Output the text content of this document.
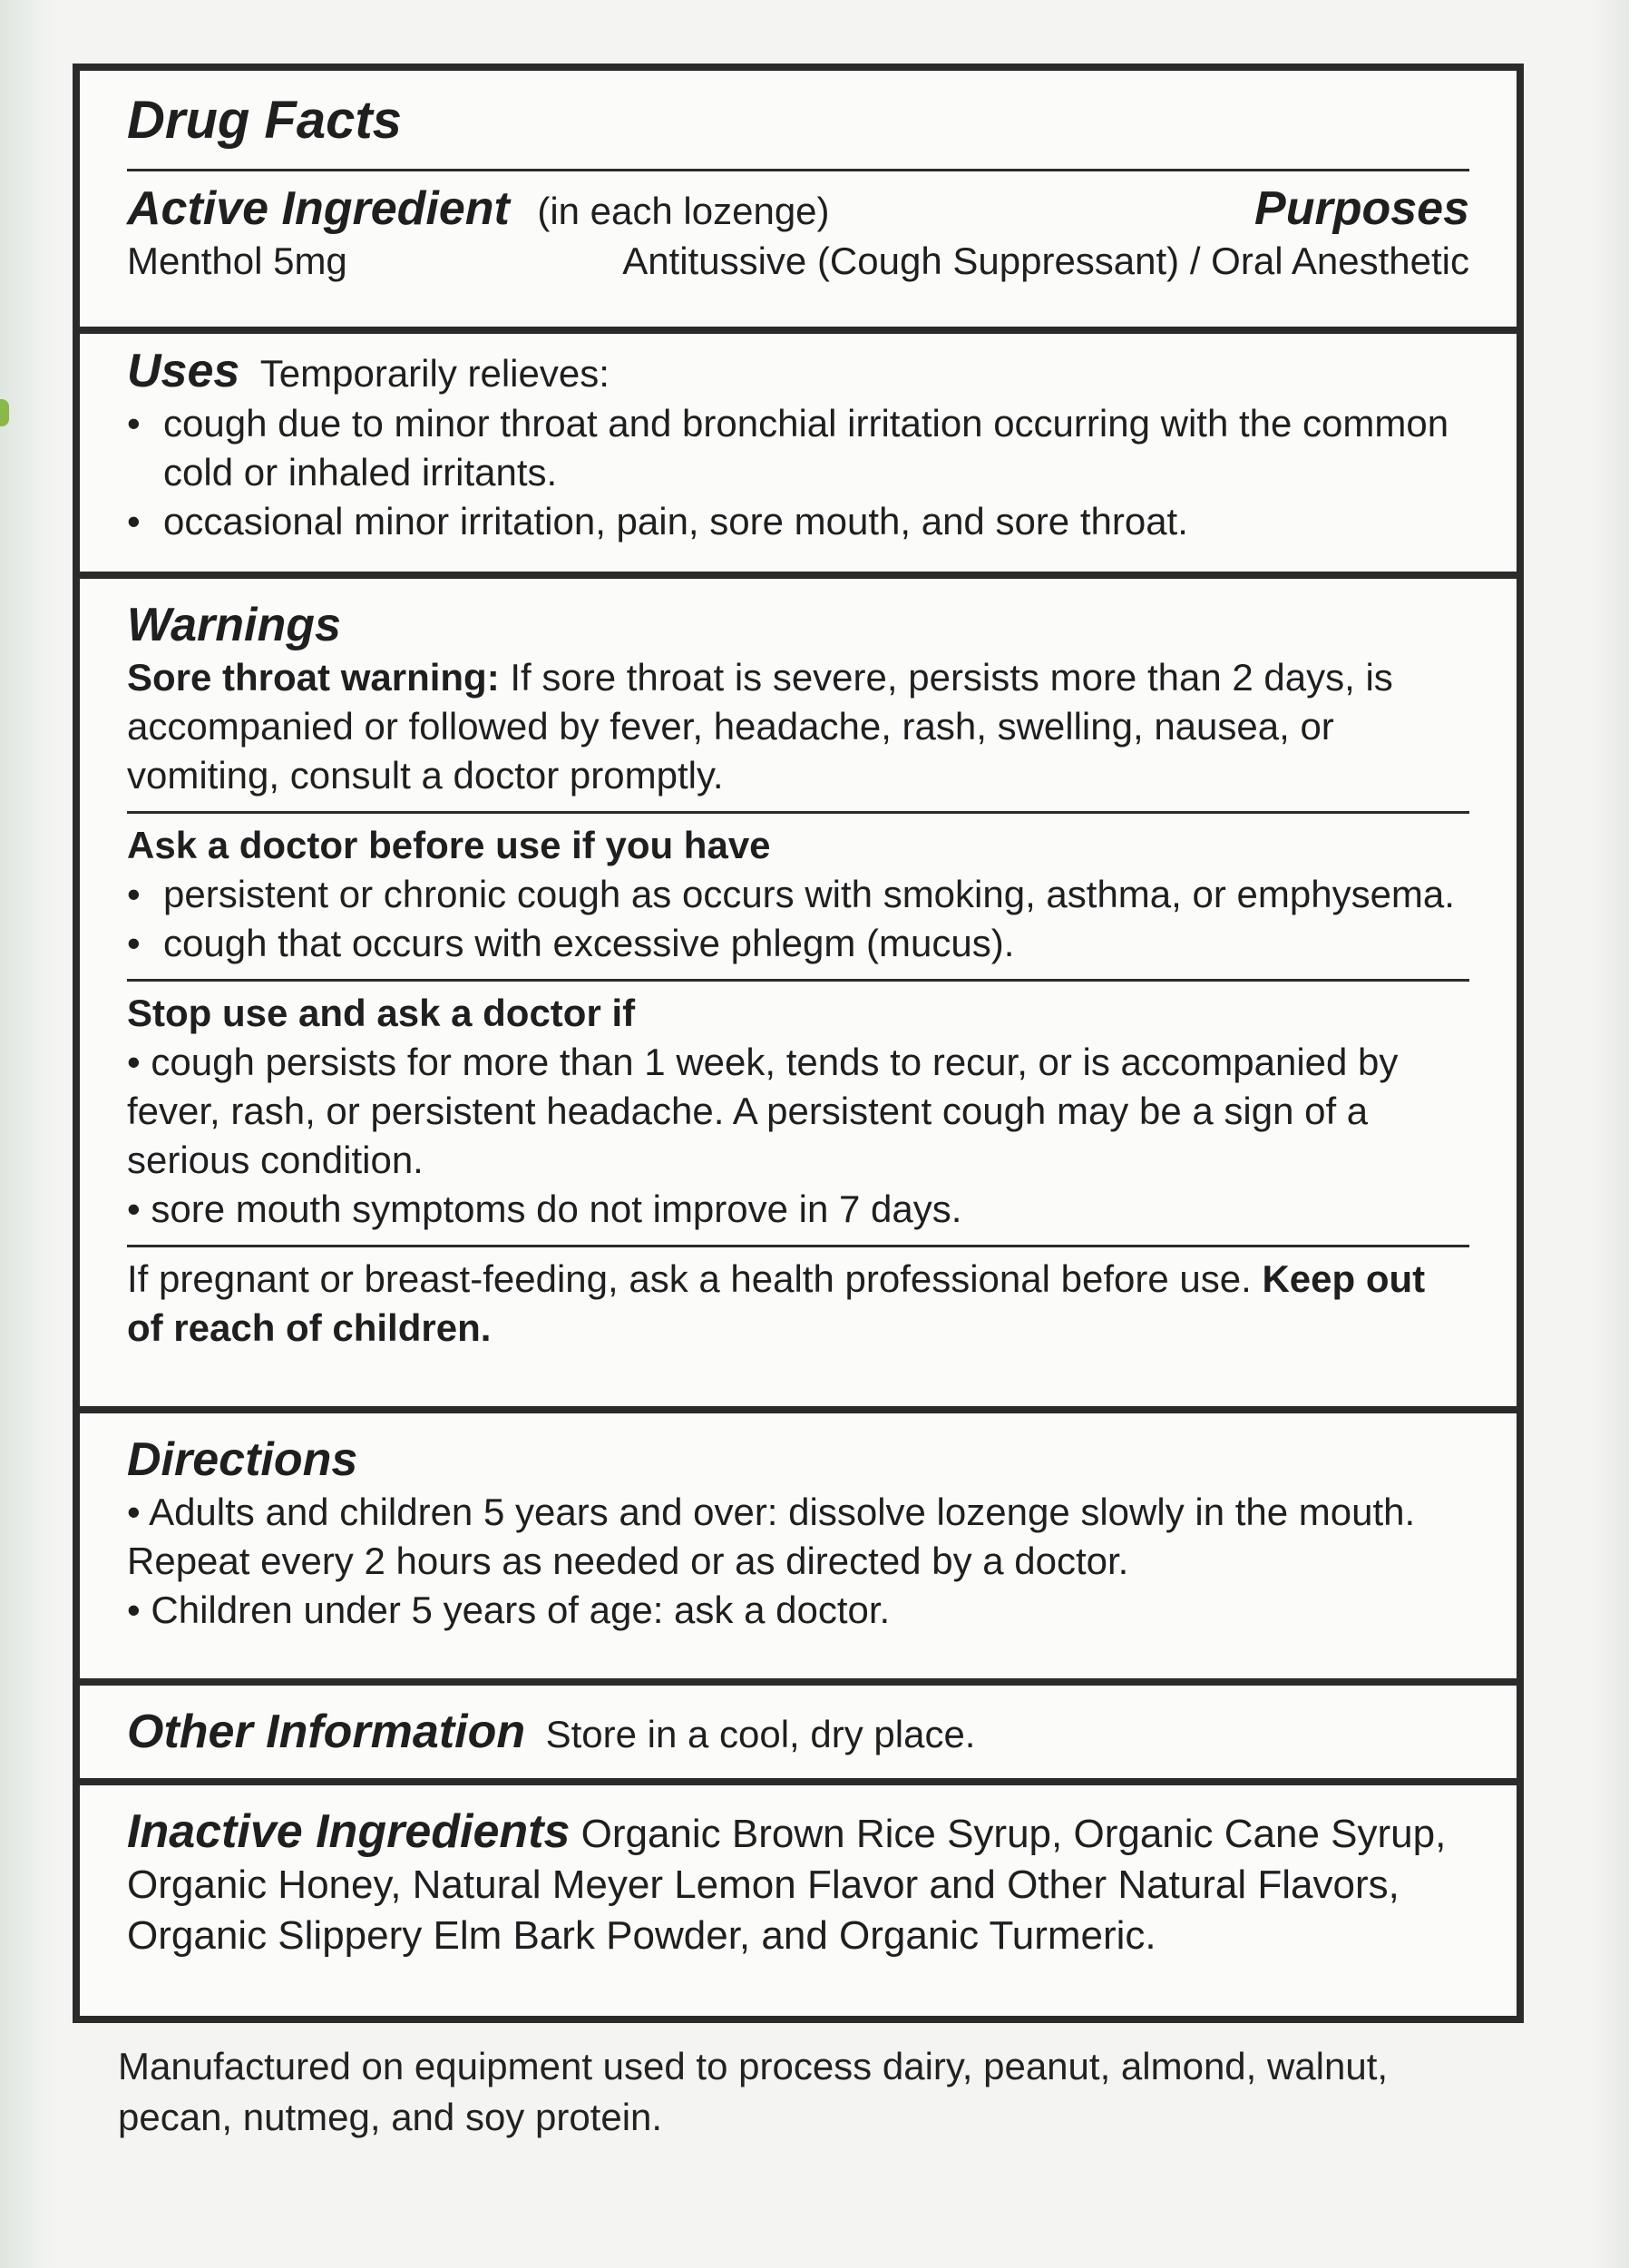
Drug Facts
Active Ingredient (in each lozenge)	Purposes
Menthol 5mg	Antitussive (Cough Suppressant) / Oral Anesthetic
Uses Temporarily relieves:
• cough due to minor throat and bronchial irritation occurring with the common cold or inhaled irritants.
• occasional minor irritation, pain, sore mouth, and sore throat.
Warnings
Sore throat warning: If sore throat is severe, persists more than 2 days, is accompanied or followed by fever, headache, rash, swelling, nausea, or vomiting, consult a doctor promptly.
Ask a doctor before use if you have
• persistent or chronic cough as occurs with smoking, asthma, or emphysema.
• cough that occurs with excessive phlegm (mucus).
Stop use and ask a doctor if
• cough persists for more than 1 week, tends to recur, or is accompanied by fever, rash, or persistent headache. A persistent cough may be a sign of a serious condition.
• sore mouth symptoms do not improve in 7 days.
If pregnant or breast-feeding, ask a health professional before use. Keep out of reach of children.
Directions
• Adults and children 5 years and over: dissolve lozenge slowly in the mouth. Repeat every 2 hours as needed or as directed by a doctor.
• Children under 5 years of age: ask a doctor.
Other Information Store in a cool, dry place.
Inactive Ingredients Organic Brown Rice Syrup, Organic Cane Syrup, Organic Honey, Natural Meyer Lemon Flavor and Other Natural Flavors, Organic Slippery Elm Bark Powder, and Organic Turmeric.
Manufactured on equipment used to process dairy, peanut, almond, walnut, pecan, nutmeg, and soy protein.
